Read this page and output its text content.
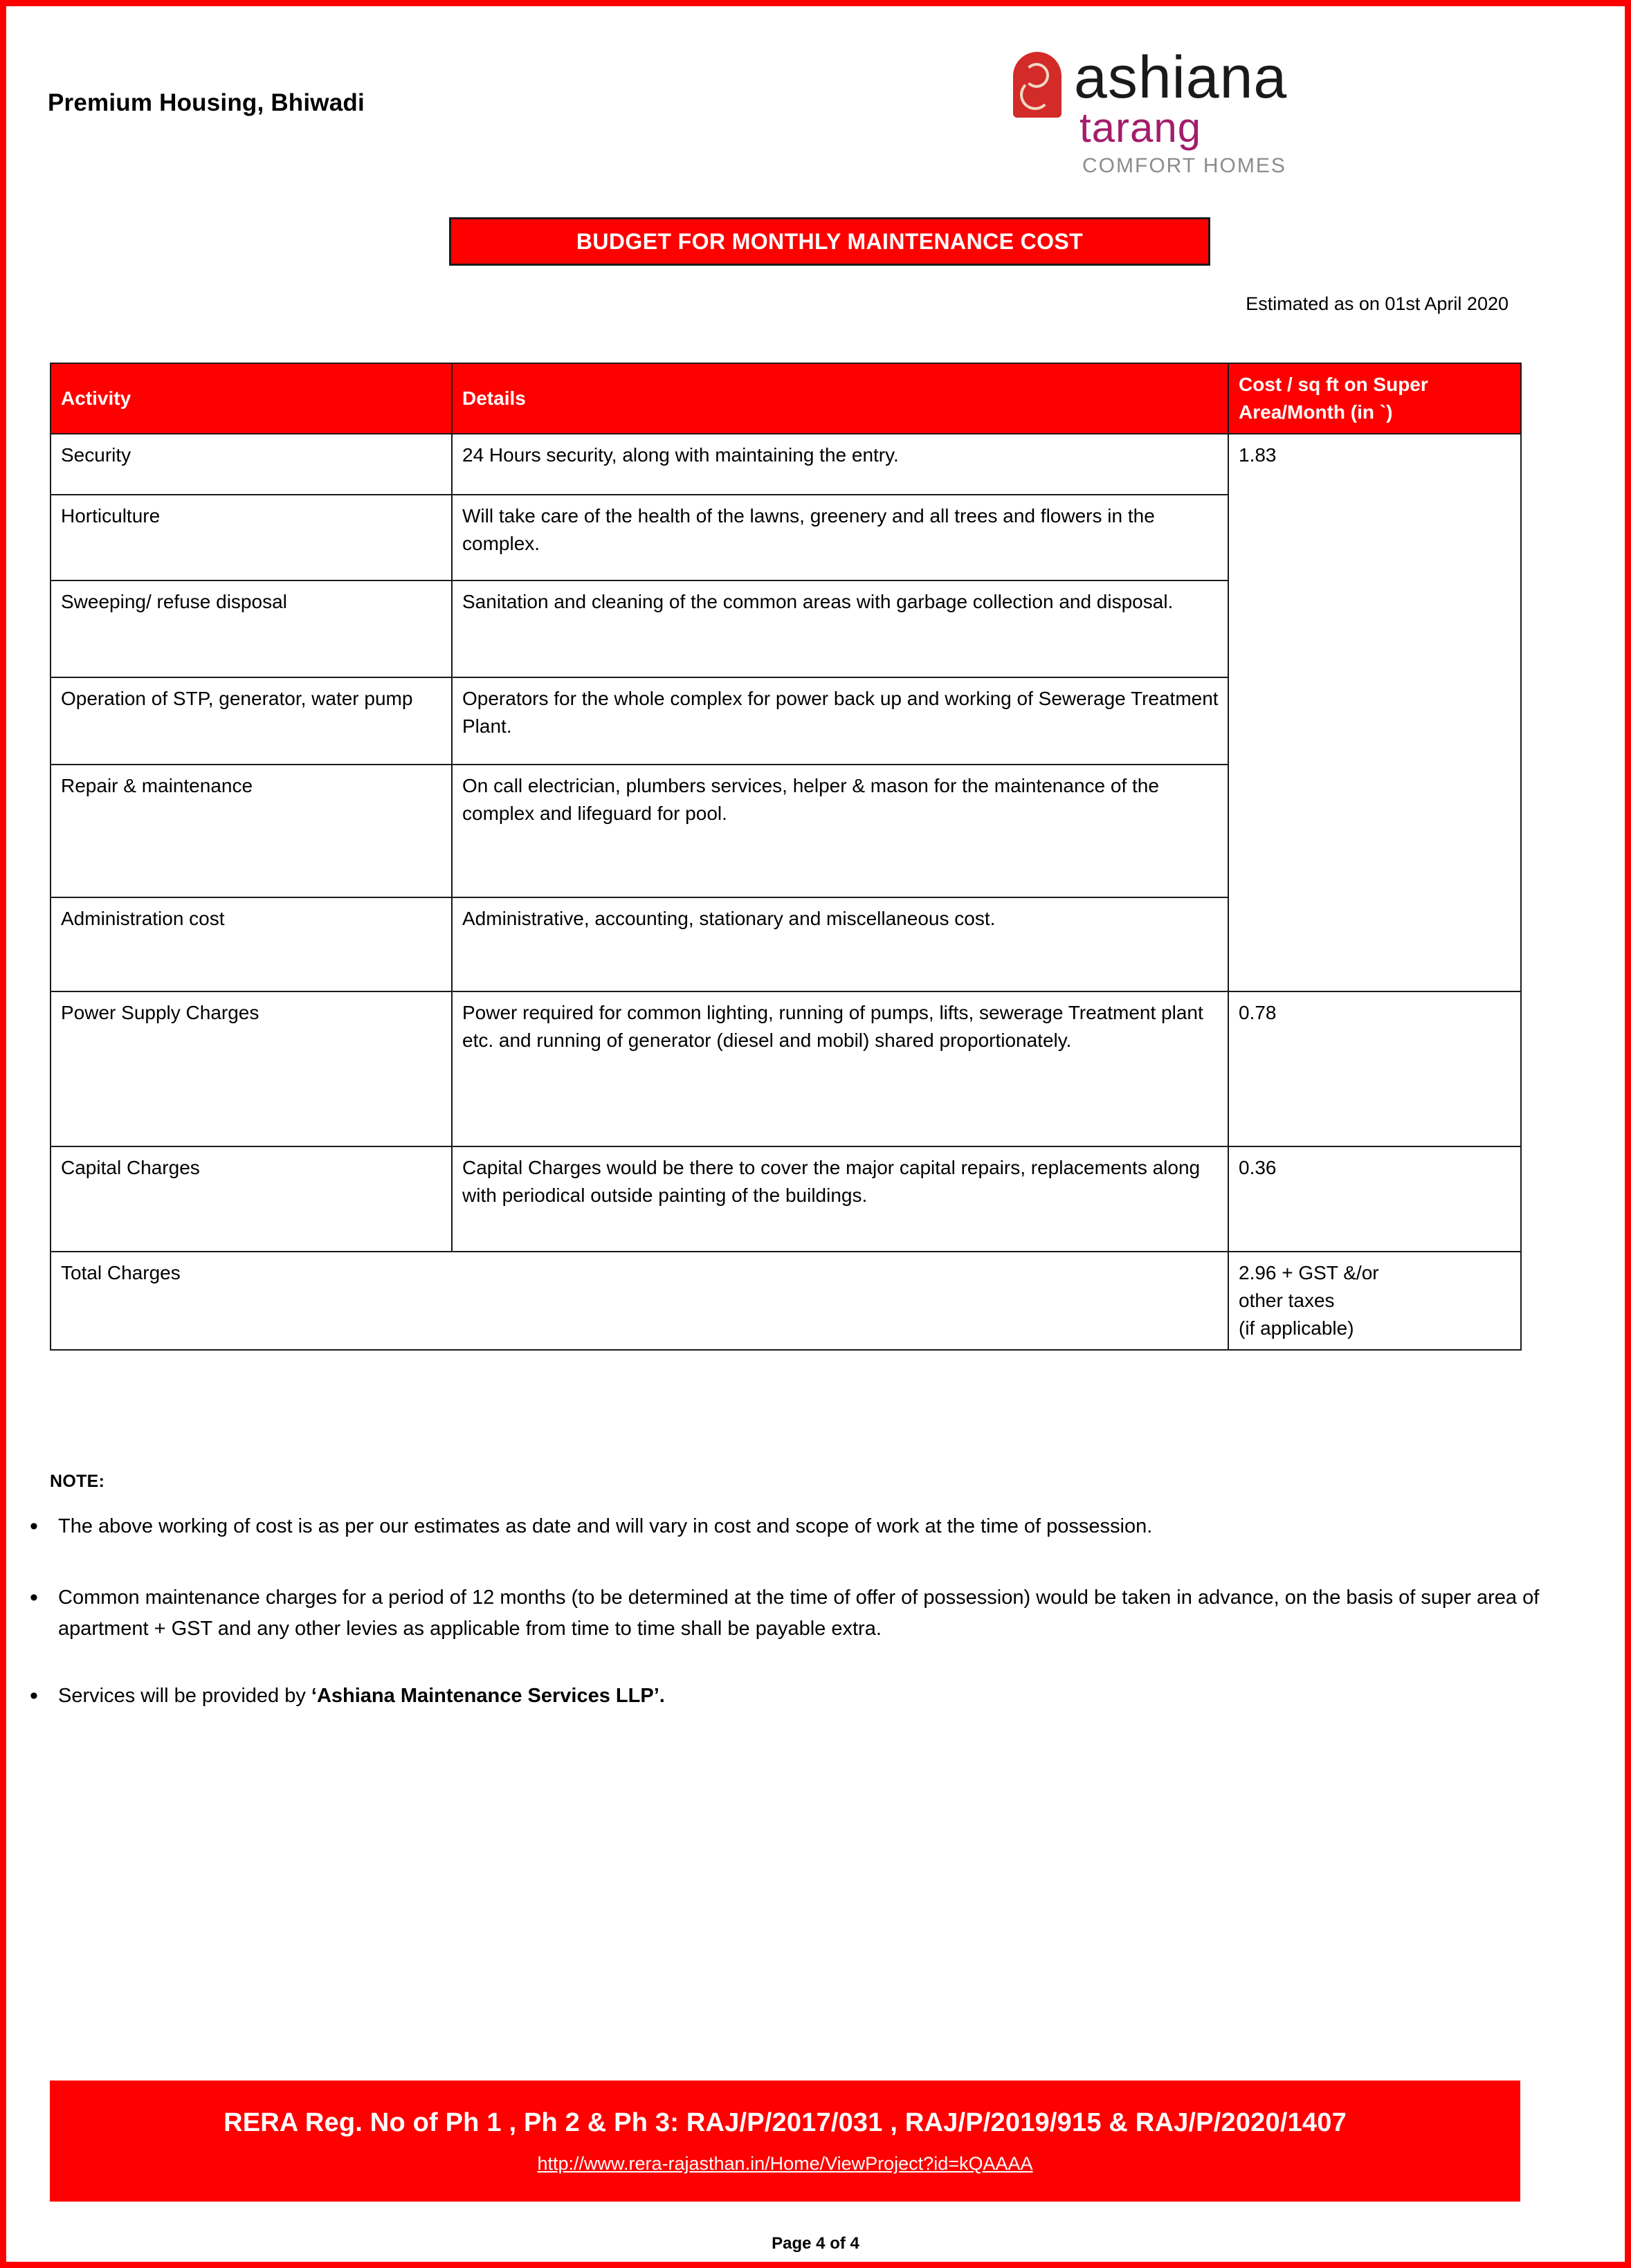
Premium Housing, Bhiwadi	ashiana
tarang
COMFORT HOMES
BUDGET FOR MONTHLY MAINTENANCE COST
Estimated as on 01st April 2020
Activity	Details	Cost / sq ft on Super
Area/Month (in `)
Security	24 Hours security, along with maintaining the entry.	1.83
Horticulture	Will take care of the health of the lawns, greenery and all trees and flowers in the complex.	
Sweeping/ refuse disposal	Sanitation and cleaning of the common areas with garbage collection and disposal.	
Operation of STP, generator, water pump	Operators for the whole complex for power back up and working of Sewerage Treatment Plant.	
Repair & maintenance	On call electrician, plumbers services, helper & mason for the maintenance of the complex and lifeguard for pool.	
Administration cost	Administrative, accounting, stationary and miscellaneous cost.	
Power Supply Charges	Power required for common lighting, running of pumps, lifts, sewerage Treatment plant etc. and running of generator (diesel and mobil) shared proportionately.	0.78
Capital Charges	Capital Charges would be there to cover the major capital repairs, replacements along with periodical outside painting of the buildings.	0.36
Total Charges		2.96 + GST &/or
other taxes
(if applicable)
NOTE:
• The above working of cost is as per our estimates as date and will vary in cost and scope of work at the time of possession.
• Common maintenance charges for a period of 12 months (to be determined at the time of offer of possession) would be taken in advance, on the basis of super area of apartment + GST and any other levies as applicable from time to time shall be payable extra.
• Services will be provided by ‘Ashiana Maintenance Services LLP’.
RERA Reg. No of Ph 1 , Ph 2 & Ph 3: RAJ/P/2017/031 , RAJ/P/2019/915 & RAJ/P/2020/1407
http://www.rera-rajasthan.in/Home/ViewProject?id=kQAAAA
Page 4 of 4
